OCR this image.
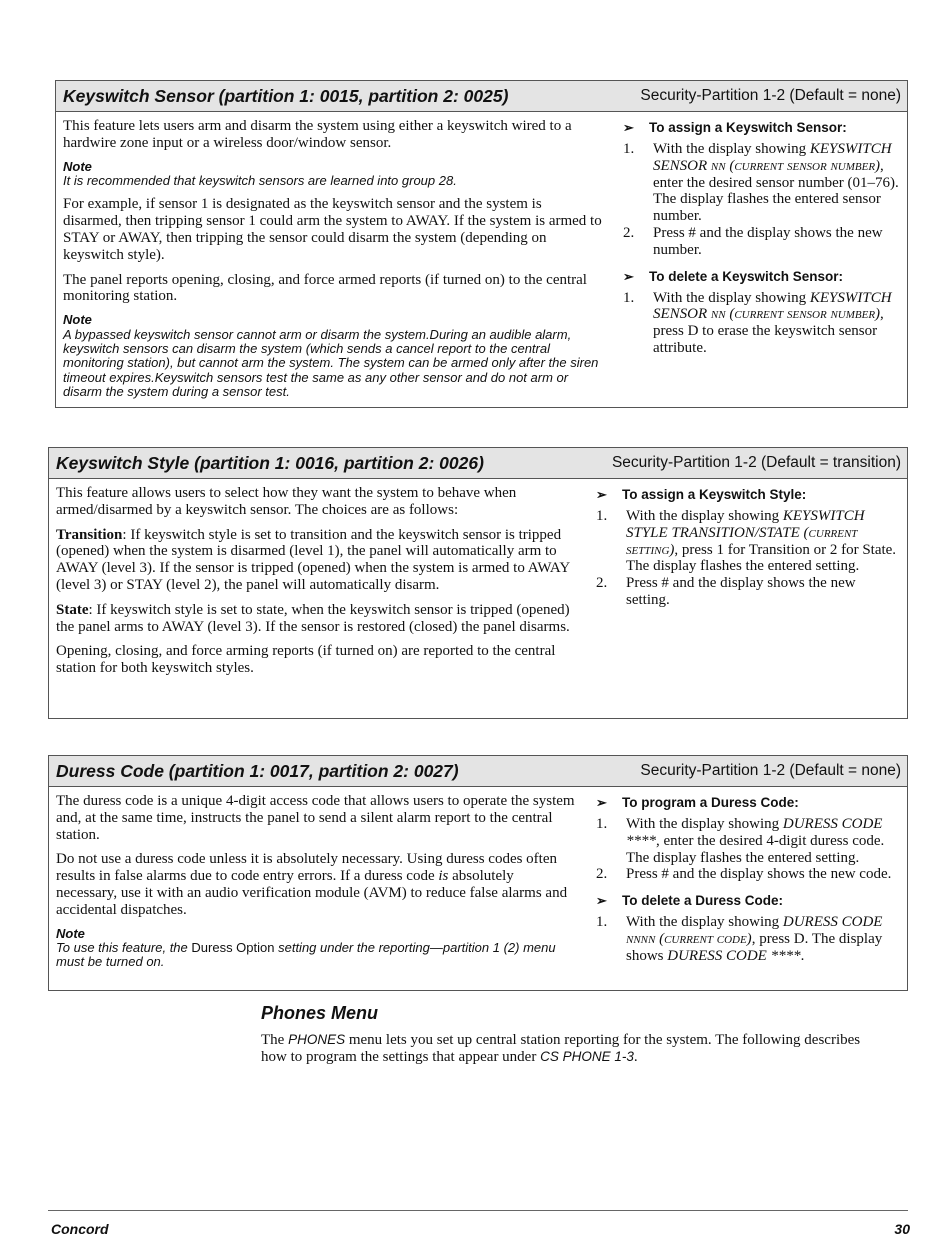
Keyswitch Sensor (partition 1: 0015, partition 2: 0025)	Security-Partition 1-2 (Default = none)

This feature lets users arm and disarm the system using either a keyswitch wired to a hardwire zone input or a wireless door/window sensor.

Note
It is recommended that keyswitch sensors are learned into group 28.

For example, if sensor 1 is designated as the keyswitch sensor and the system is disarmed, then tripping sensor 1 could arm the system to AWAY. If the system is armed to STAY or AWAY, then tripping the sensor could disarm the system (depending on keyswitch style).

The panel reports opening, closing, and force armed reports (if turned on) to the central monitoring station.

Note
A bypassed keyswitch sensor cannot arm or disarm the system.During an audible alarm, keyswitch sensors can disarm the system (which sends a cancel report to the central monitoring station), but cannot arm the system. The system can be armed only after the siren timeout expires.Keyswitch sensors test the same as any other sensor and do not arm or disarm the system during a sensor test.
➢	To assign a Keyswitch Sensor:
1.	With the display showing KEYSWITCH SENSOR nn (current sensor number), enter the desired sensor number (01–76). The display flashes the entered sensor number.
2.	Press # and the display shows the new number.
➢	To delete a Keyswitch Sensor:
1.	With the display showing KEYSWITCH SENSOR nn (current sensor number), press D to erase the keyswitch sensor attribute.
Keyswitch Style (partition 1: 0016, partition 2: 0026)	Security-Partition 1-2 (Default = transition)

This feature allows users to select how they want the system to behave when armed/disarmed by a keyswitch sensor. The choices are as follows:

Transition: If keyswitch style is set to transition and the keyswitch sensor is tripped (opened) when the system is disarmed (level 1), the panel will automatically arm to AWAY (level 3). If the sensor is tripped (opened) when the system is armed to AWAY (level 3) or STAY (level 2), the panel will automatically disarm.

State: If keyswitch style is set to state, when the keyswitch sensor is tripped (opened) the panel arms to AWAY (level 3). If the sensor is restored (closed) the panel disarms.

Opening, closing, and force arming reports (if turned on) are reported to the central station for both keyswitch styles.

➢	To assign a Keyswitch Style:
1.	With the display showing KEYSWITCH STYLE TRANSITION/STATE (current setting), press 1 for Transition or 2 for State. The display flashes the entered setting.
2.	Press # and the display shows the new setting.
Duress Code (partition 1: 0017, partition 2: 0027)	Security-Partition 1-2 (Default = none)

The duress code is a unique 4-digit access code that allows users to operate the system and, at the same time, instructs the panel to send a silent alarm report to the central station.

Do not use a duress code unless it is absolutely necessary. Using duress codes often results in false alarms due to code entry errors. If a duress code is absolutely necessary, use it with an audio verification module (AVM) to reduce false alarms and accidental dispatches.

Note
To use this feature, the Duress Option setting under the reporting—partition 1 (2) menu must be turned on.
➢	To program a Duress Code:
1.	With the display showing DURESS CODE ****, enter the desired 4-digit duress code. The display flashes the entered setting.
2.	Press # and the display shows the new code.
➢	To delete a Duress Code:
1.	With the display showing DURESS CODE nnnn (current code), press D. The display shows DURESS CODE ****.
Phones Menu
The PHONES menu lets you set up central station reporting for the system. The following describes how to program the settings that appear under CS PHONE 1-3.
Concord	30
